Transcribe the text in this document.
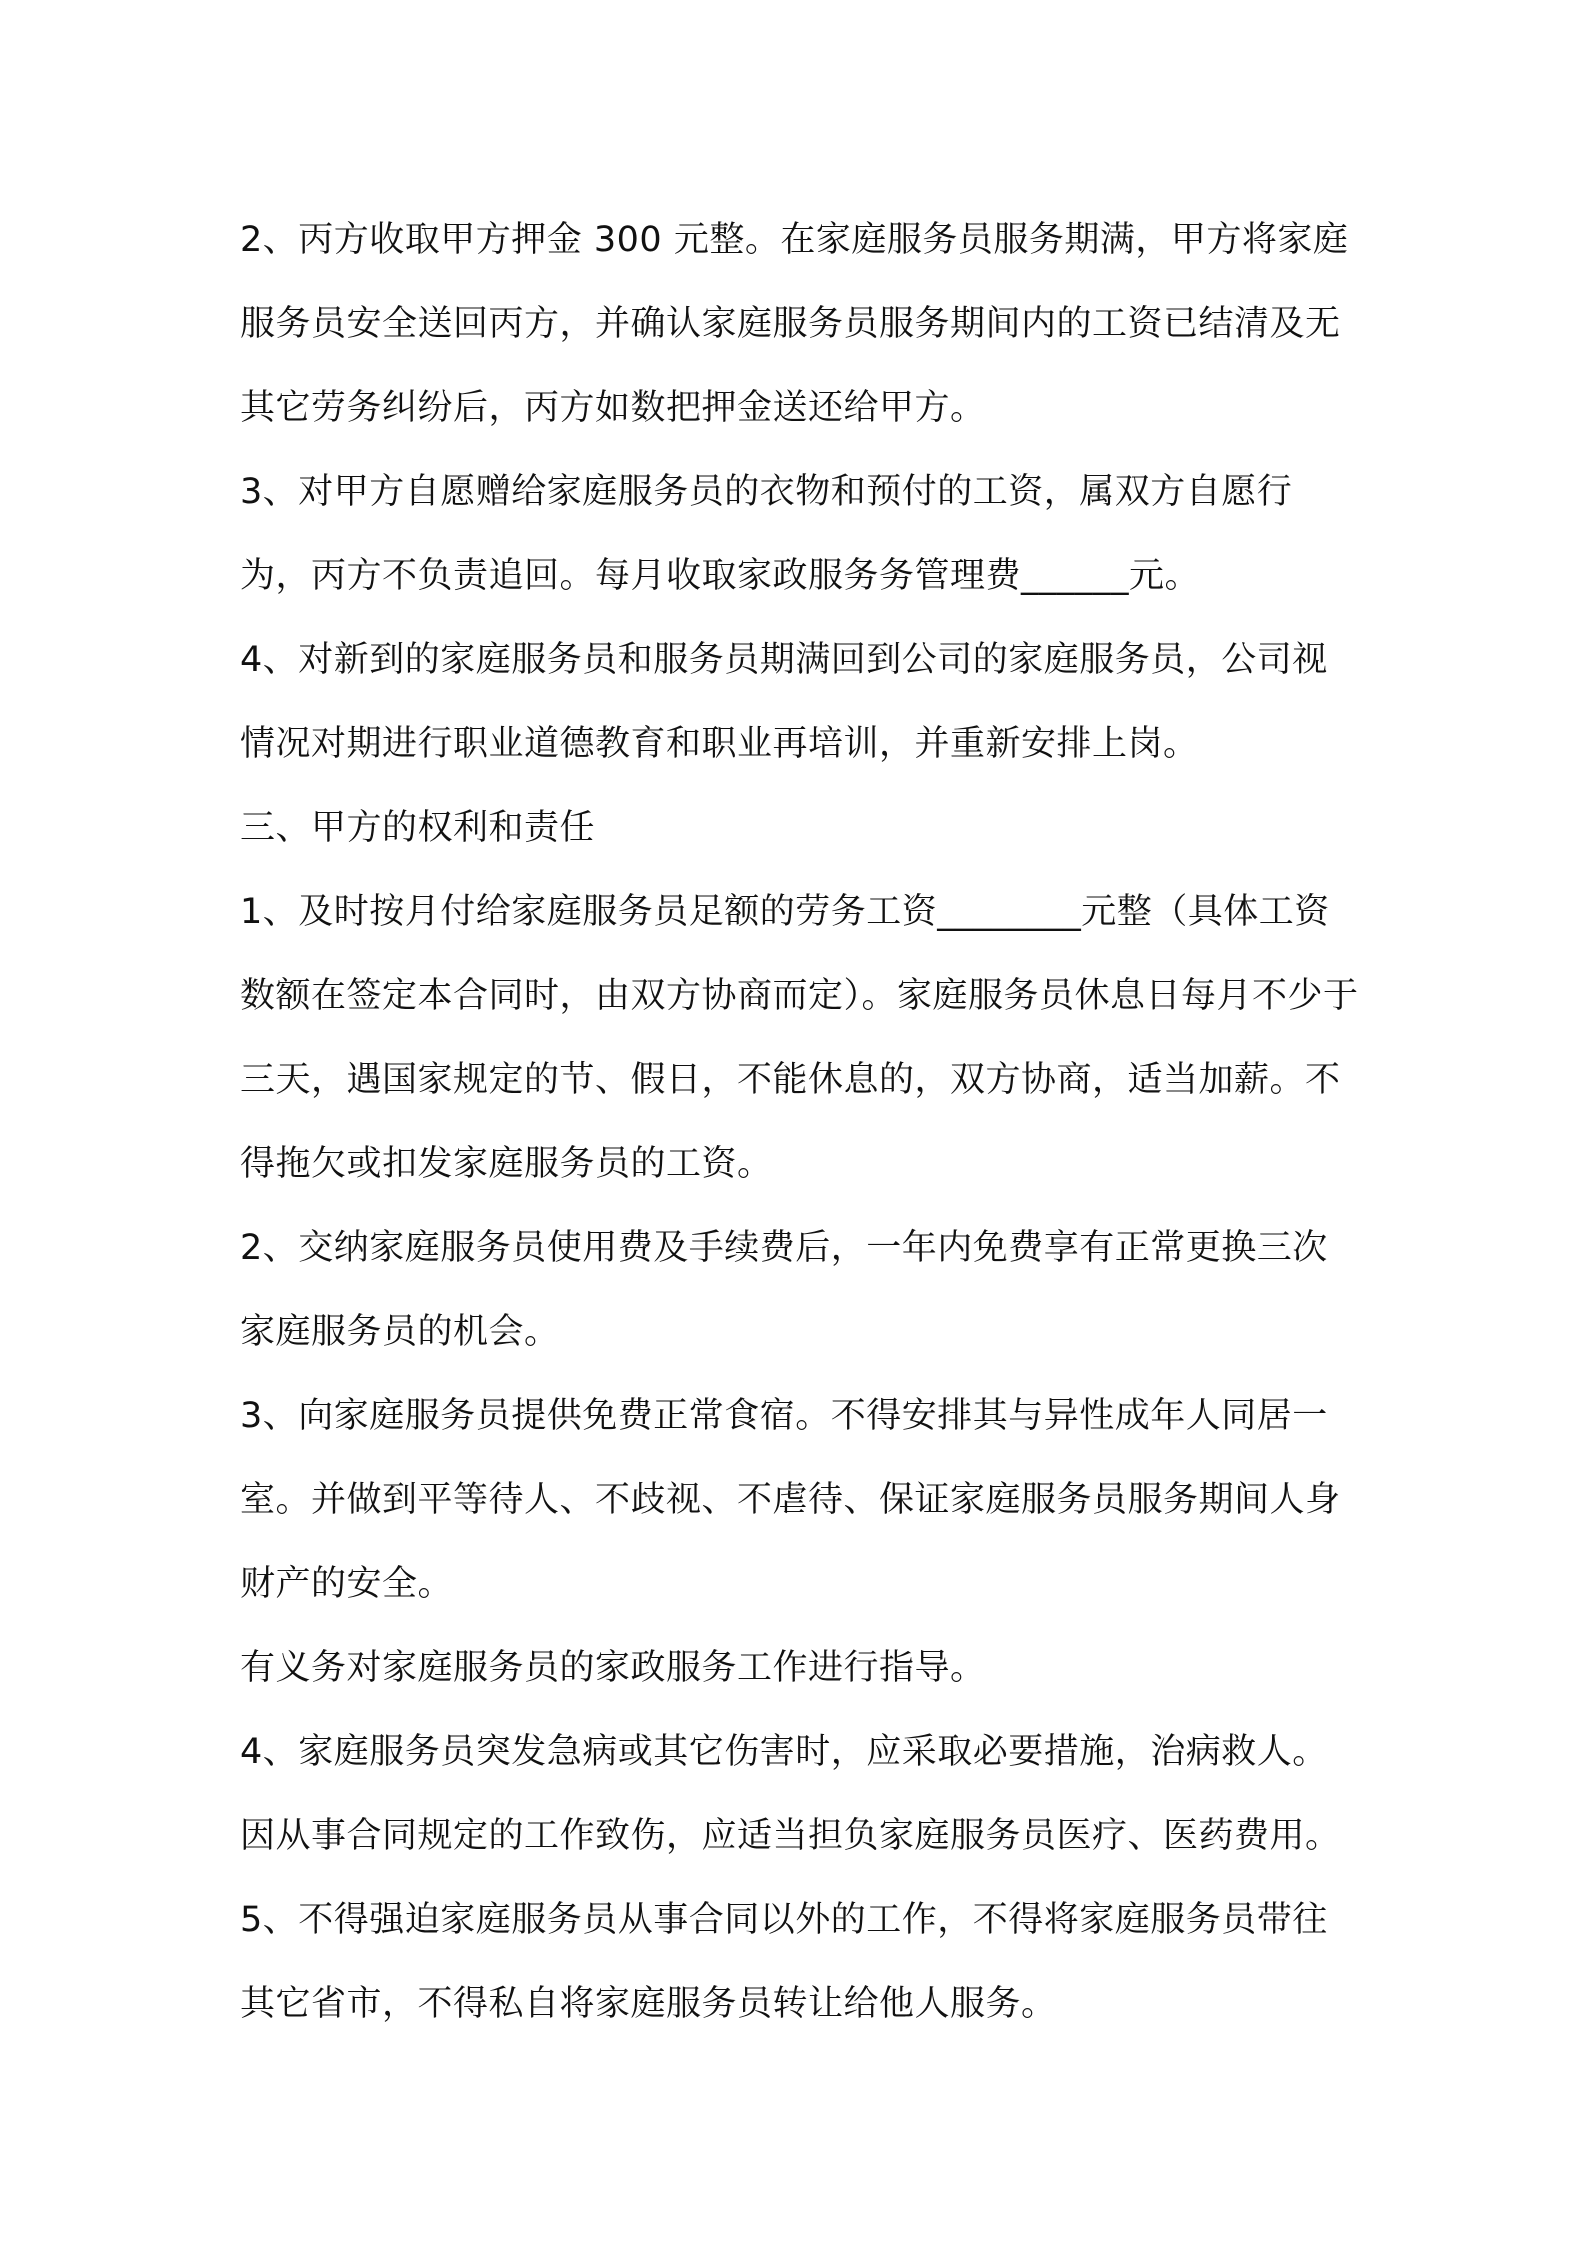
2、丙方收取甲方押金 300 元整。在家庭服务员服务期满，甲方将家庭服务员安全送回丙方，并确认家庭服务员服务期间内的工资已结清及无其它劳务纠纷后，丙方如数把押金送还给甲方。

3、对甲方自愿赠给家庭服务员的衣物和预付的工资，属双方自愿行为，丙方不负责追回。每月收取家政服务务管理费______元。

4、对新到的家庭服务员和服务员期满回到公司的家庭服务员，公司视情况对期进行职业道德教育和职业再培训，并重新安排上岗。

三、甲方的权利和责任

1、及时按月付给家庭服务员足额的劳务工资________元整（具体工资数额在签定本合同时，由双方协商而定）。家庭服务员休息日每月不少于三天，遇国家规定的节、假日，不能休息的，双方协商，适当加薪。不得拖欠或扣发家庭服务员的工资。

2、交纳家庭服务员使用费及手续费后，一年内免费享有正常更换三次家庭服务员的机会。

3、向家庭服务员提供免费正常食宿。不得安排其与异性成年人同居一室。并做到平等待人、不歧视、不虐待、保证家庭服务员服务期间人身财产的安全。

有义务对家庭服务员的家政服务工作进行指导。

4、家庭服务员突发急病或其它伤害时，应采取必要措施，治病救人。因从事合同规定的工作致伤，应适当担负家庭服务员医疗、医药费用。

5、不得强迫家庭服务员从事合同以外的工作，不得将家庭服务员带往其它省市，不得私自将家庭服务员转让给他人服务。
